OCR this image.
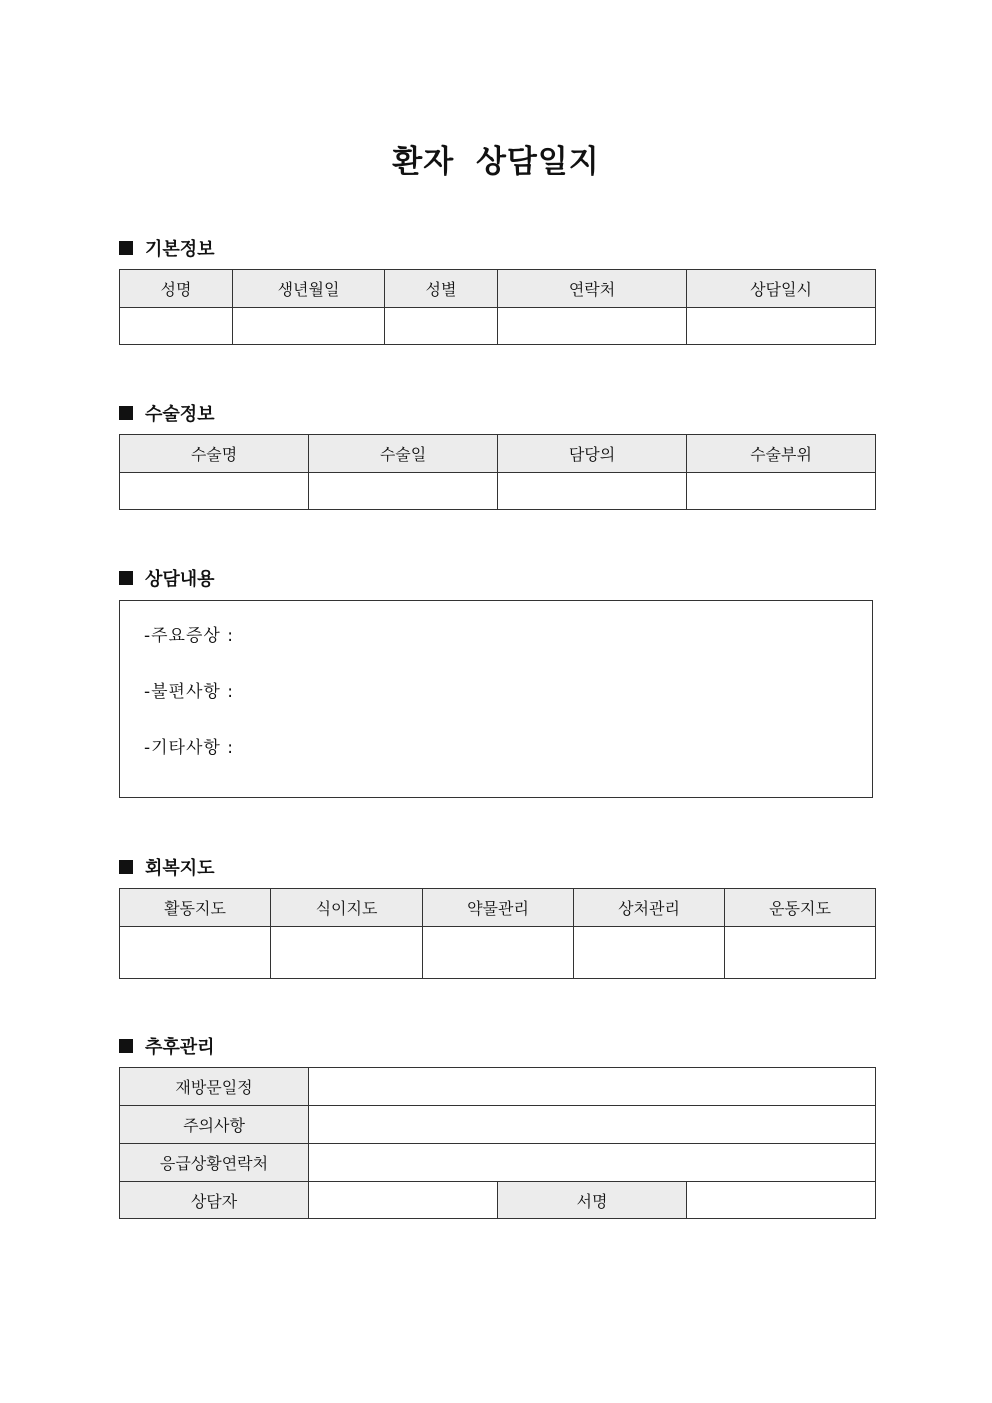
환자 상담일지
기본정보
성명	생년월일	성별	연락처	상담일시

수술정보
수술명	수술일	담당의	수술부위

상담내용
-주요증상 :
-불편사항 :
-기타사항 :
회복지도
활동지도	식이지도	약물관리	상처관리	운동지도

추후관리
재방문일정			
주의사항			
응급상황연락처			
상담자		서명	
